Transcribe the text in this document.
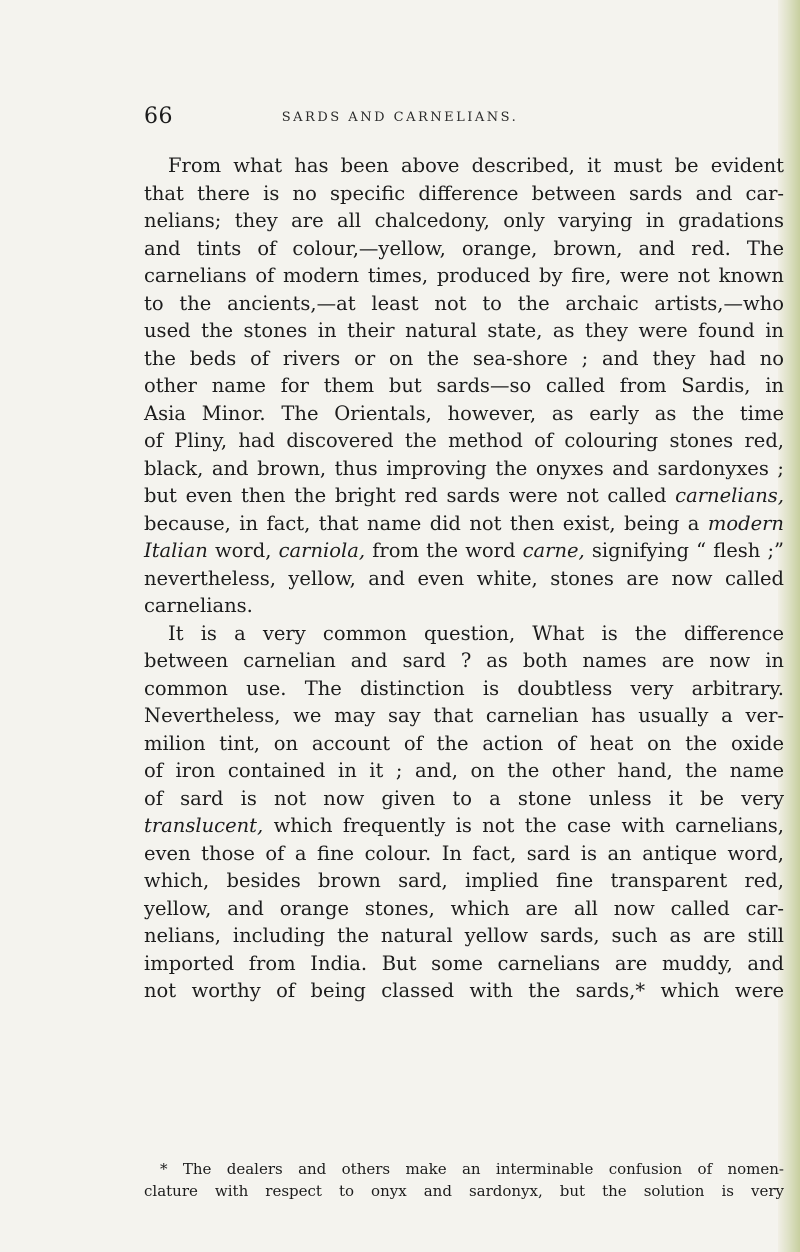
66	SARDS AND CARNELIANS.
From what has been above described, it must be evident
that there is no specific difference between sards and car-
nelians; they are all chalcedony, only varying in gradations
and tints of colour,—yellow, orange, brown, and red. The
carnelians of modern times, produced by fire, were not known
to the ancients,—at least not to the archaic artists,—who
used the stones in their natural state, as they were found in
the beds of rivers or on the sea-shore ; and they had no
other name for them but sards—so called from Sardis, in
Asia Minor. The Orientals, however, as early as the time
of Pliny, had discovered the method of colouring stones red,
black, and brown, thus improving the onyxes and sardonyxes ;
but even then the bright red sards were not called carnelians,
because, in fact, that name did not then exist, being a modern
Italian word, carniola, from the word carne, signifying “ flesh ;”
nevertheless, yellow, and even white, stones are now called
carnelians.
It is a very common question, What is the difference
between carnelian and sard ? as both names are now in
common use. The distinction is doubtless very arbitrary.
Nevertheless, we may say that carnelian has usually a ver-
milion tint, on account of the action of heat on the oxide
of iron contained in it ; and, on the other hand, the name
of sard is not now given to a stone unless it be very
translucent, which frequently is not the case with carnelians,
even those of a fine colour. In fact, sard is an antique word,
which, besides brown sard, implied fine transparent red,
yellow, and orange stones, which are all now called car-
nelians, including the natural yellow sards, such as are still
imported from India. But some carnelians are muddy, and
not worthy of being classed with the sards,* which were
* The dealers and others make an interminable confusion of nomen-
clature with respect to onyx and sardonyx, but the solution is very
